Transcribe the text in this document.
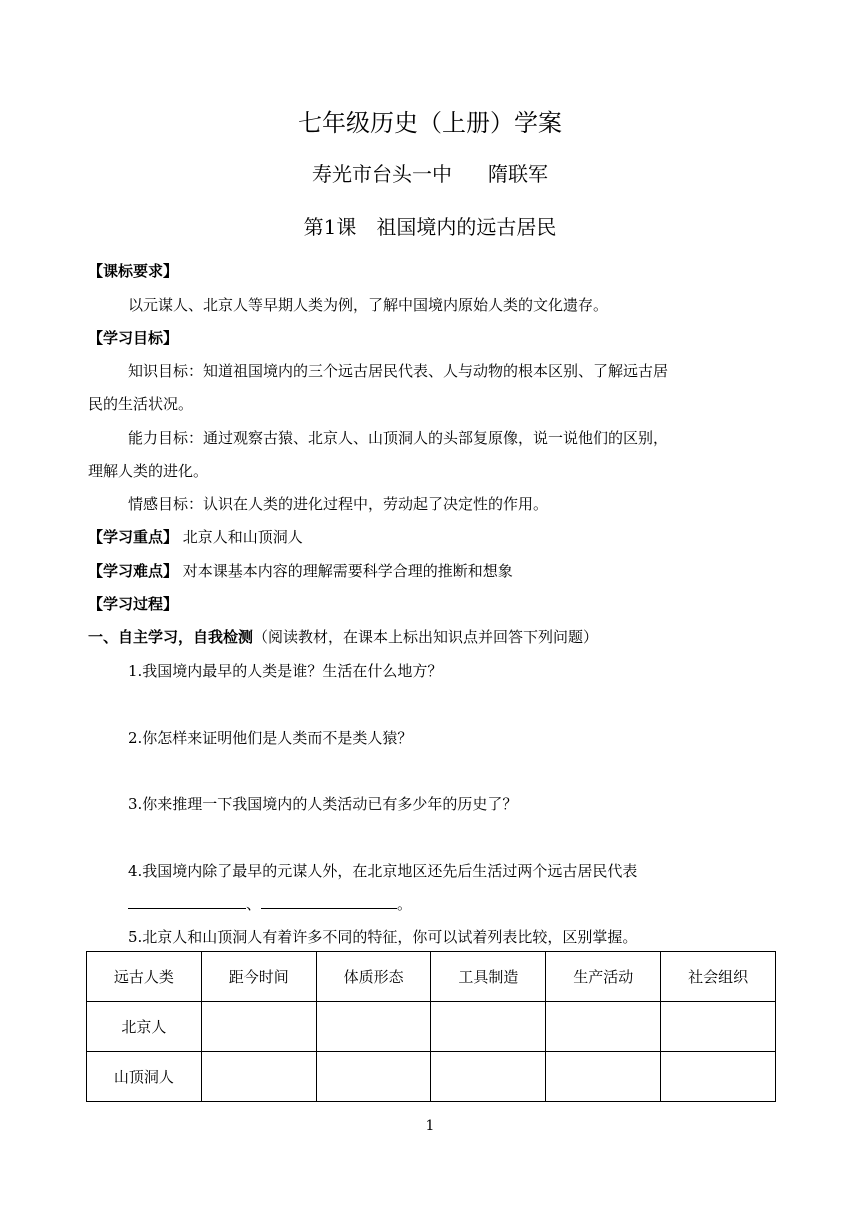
七年级历史（上册）学案
寿光市台头一中 隋联军
第1课 祖国境内的远古居民
【课标要求】
以元谋人、北京人等早期人类为例，了解中国境内原始人类的文化遗存。
【学习目标】
知识目标：知道祖国境内的三个远古居民代表、人与动物的根本区别、了解远古居
民的生活状况。
能力目标：通过观察古猿、北京人、山顶洞人的头部复原像，说一说他们的区别，
理解人类的进化。
情感目标：认识在人类的进化过程中，劳动起了决定性的作用。
【学习重点】 北京人和山顶洞人
【学习难点】 对本课基本内容的理解需要科学合理的推断和想象
【学习过程】
一、自主学习，自我检测（阅读教材，在课本上标出知识点并回答下列问题）
1.我国境内最早的人类是谁？生活在什么地方？
2.你怎样来证明他们是人类而不是类人猿？
3.你来推理一下我国境内的人类活动已有多少年的历史了？
4.我国境内除了最早的元谋人外，在北京地区还先后生活过两个远古居民代表
、	。
5.北京人和山顶洞人有着许多不同的特征，你可以试着列表比较，区别掌握。
远古人类	距今时间	体质形态	工具制造	生产活动	社会组织
北京人					
山顶洞人					
1
